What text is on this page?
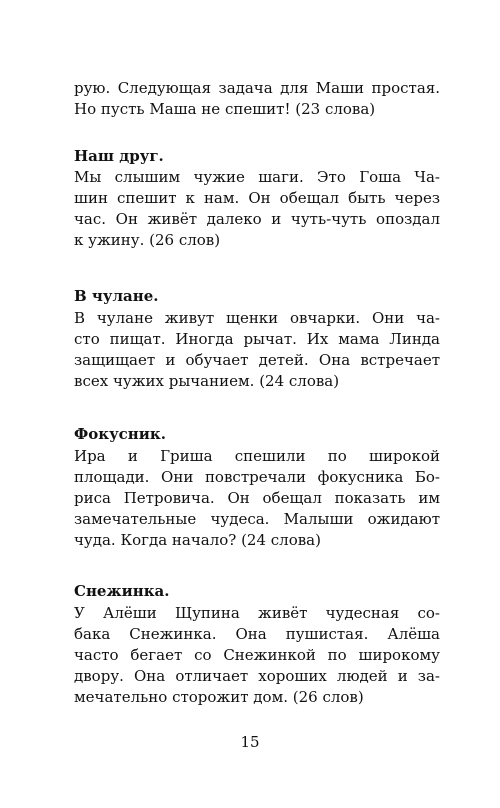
рую. Следующая задача для Маши простая.
Но пусть Маша не спешит! (23 слова)
Наш друг.
Мы слышим чужие шаги. Это Гоша Ча-
шин спешит к нам. Он обещал быть через
час. Он живёт далеко и чуть-чуть опоздал
к ужину. (26 слов)
В чулане.
В чулане живут щенки овчарки. Они ча-
сто пищат. Иногда рычат. Их мама Линда
защищает и обучает детей. Она встречает
всех чужих рычанием. (24 слова)
Фокусник.
Ира и Гриша спешили по широкой
площади. Они повстречали фокусника Бо-
риса Петровича. Он обещал показать им
замечательные чудеса. Малыши ожидают
чуда. Когда начало? (24 слова)
Снежинка.
У Алёши Щупина живёт чудесная со-
бака Снежинка. Она пушистая. Алёша
часто бегает со Снежинкой по широкому
двору. Она отличает хороших людей и за-
мечательно сторожит дом. (26 слов)
15
